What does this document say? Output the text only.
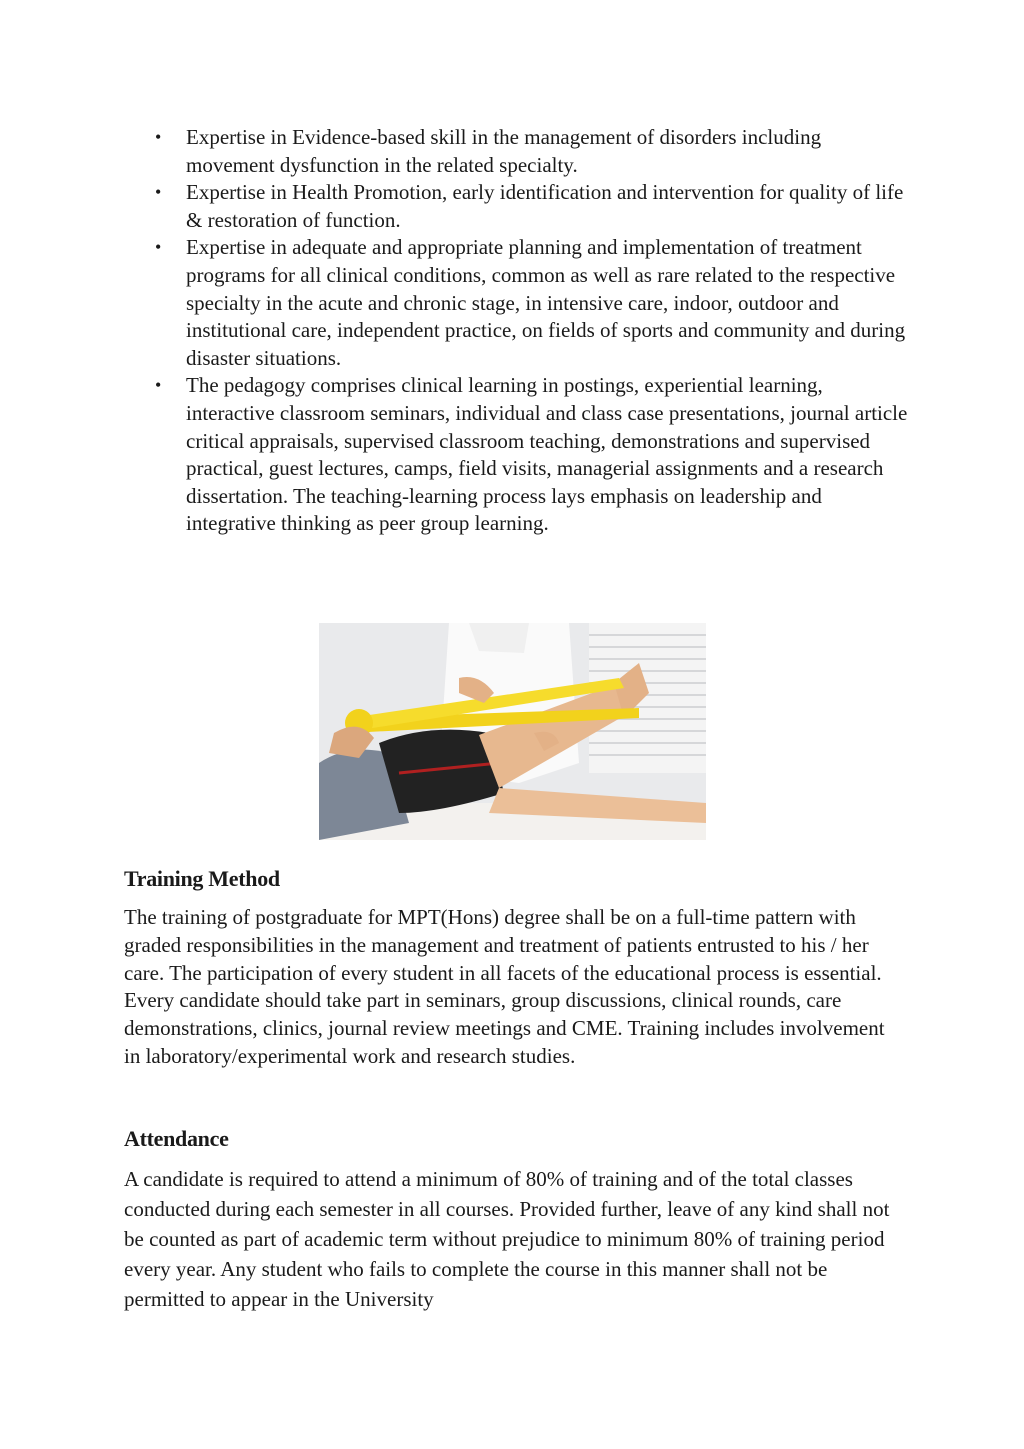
• Expertise in Evidence-based skill in the management of disorders including movement dysfunction in the related specialty.
• Expertise in Health Promotion, early identification and intervention for quality of life & restoration of function.
• Expertise in adequate and appropriate planning and implementation of treatment programs for all clinical conditions, common as well as rare related to the respective specialty in the acute and chronic stage, in intensive care, indoor, outdoor and institutional care, independent practice, on fields of sports and community and during disaster situations.
• The pedagogy comprises clinical learning in postings, experiential learning, interactive classroom seminars, individual and class case presentations, journal article critical appraisals, supervised classroom teaching, demonstrations and supervised practical, guest lectures, camps, field visits, managerial assignments and a research dissertation. The teaching-learning process lays emphasis on leadership and integrative thinking as peer group learning.
Training Method

The training of postgraduate for MPT(Hons) degree shall be on a full-time pattern with graded responsibilities in the management and treatment of patients entrusted to his / her care. The participation of every student in all facets of the educational process is essential. Every candidate should take part in seminars, group discussions, clinical rounds, care demonstrations, clinics, journal review meetings and CME. Training includes involvement in laboratory/experimental work and research studies.

Attendance

A candidate is required to attend a minimum of 80% of training and of the total classes conducted during each semester in all courses. Provided further, leave of any kind shall not be counted as part of academic term without prejudice to minimum 80% of training period every year. Any student who fails to complete the course in this manner shall not be permitted to appear in the University
